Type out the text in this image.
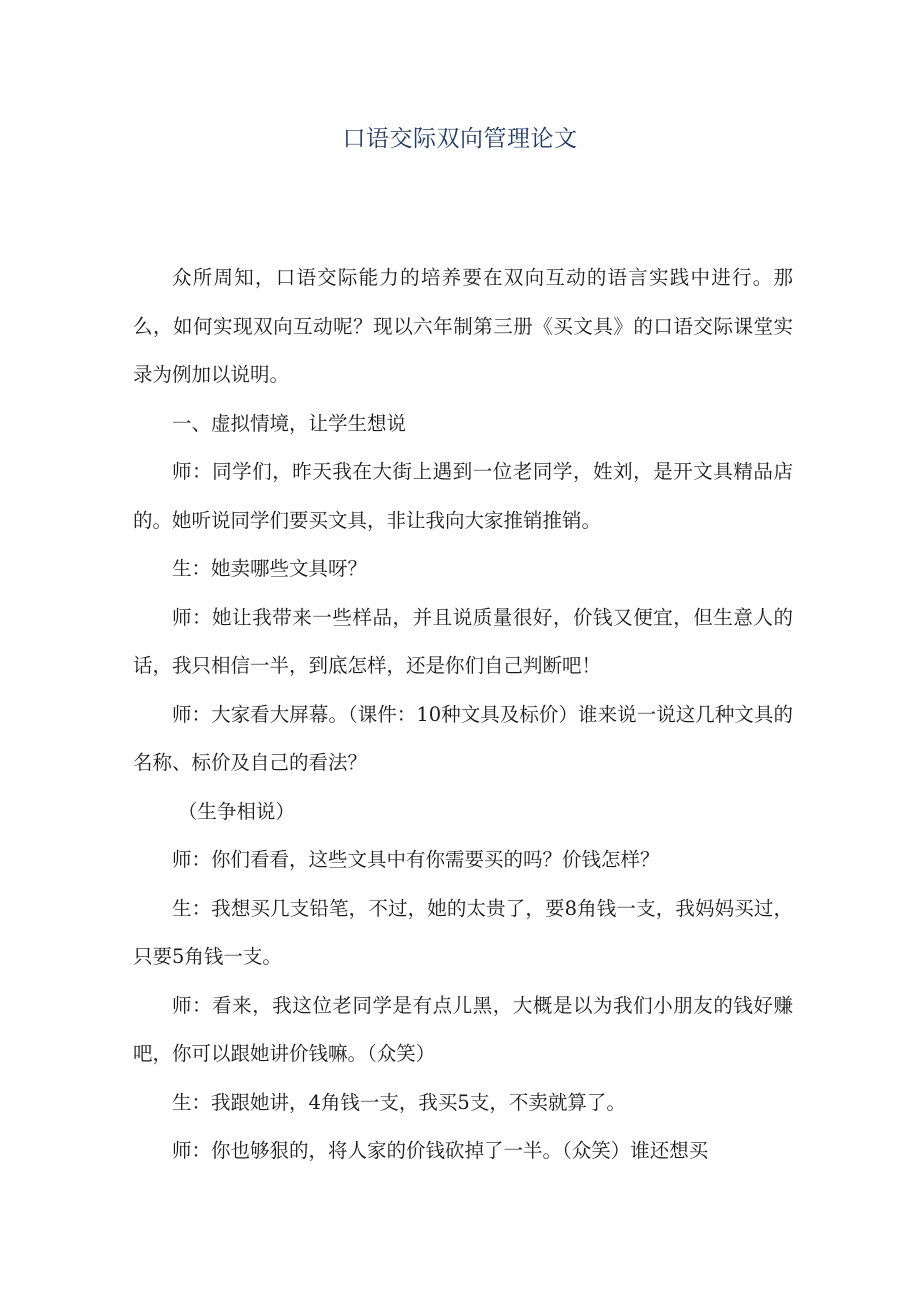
口语交际双向管理论文

众所周知，口语交际能力的培养要在双向互动的语言实践中进行。那么，如何实现双向互动呢？现以六年制第三册《买文具》的口语交际课堂实录为例加以说明。

一、虚拟情境，让学生想说

师：同学们，昨天我在大街上遇到一位老同学，姓刘，是开文具精品店的。她听说同学们要买文具，非让我向大家推销推销。

生：她卖哪些文具呀？

师：她让我带来一些样品，并且说质量很好，价钱又便宜，但生意人的话，我只相信一半，到底怎样，还是你们自己判断吧！

师：大家看大屏幕。（课件：10种文具及标价）谁来说一说这几种文具的名称、标价及自己的看法？

（生争相说）

师：你们看看，这些文具中有你需要买的吗？价钱怎样？

生：我想买几支铅笔，不过，她的太贵了，要8角钱一支，我妈妈买过，只要5角钱一支。

师：看来，我这位老同学是有点儿黑，大概是以为我们小朋友的钱好赚吧，你可以跟她讲价钱嘛。（众笑）

生：我跟她讲，4角钱一支，我买5支，不卖就算了。

师：你也够狠的，将人家的价钱砍掉了一半。（众笑）谁还想买
